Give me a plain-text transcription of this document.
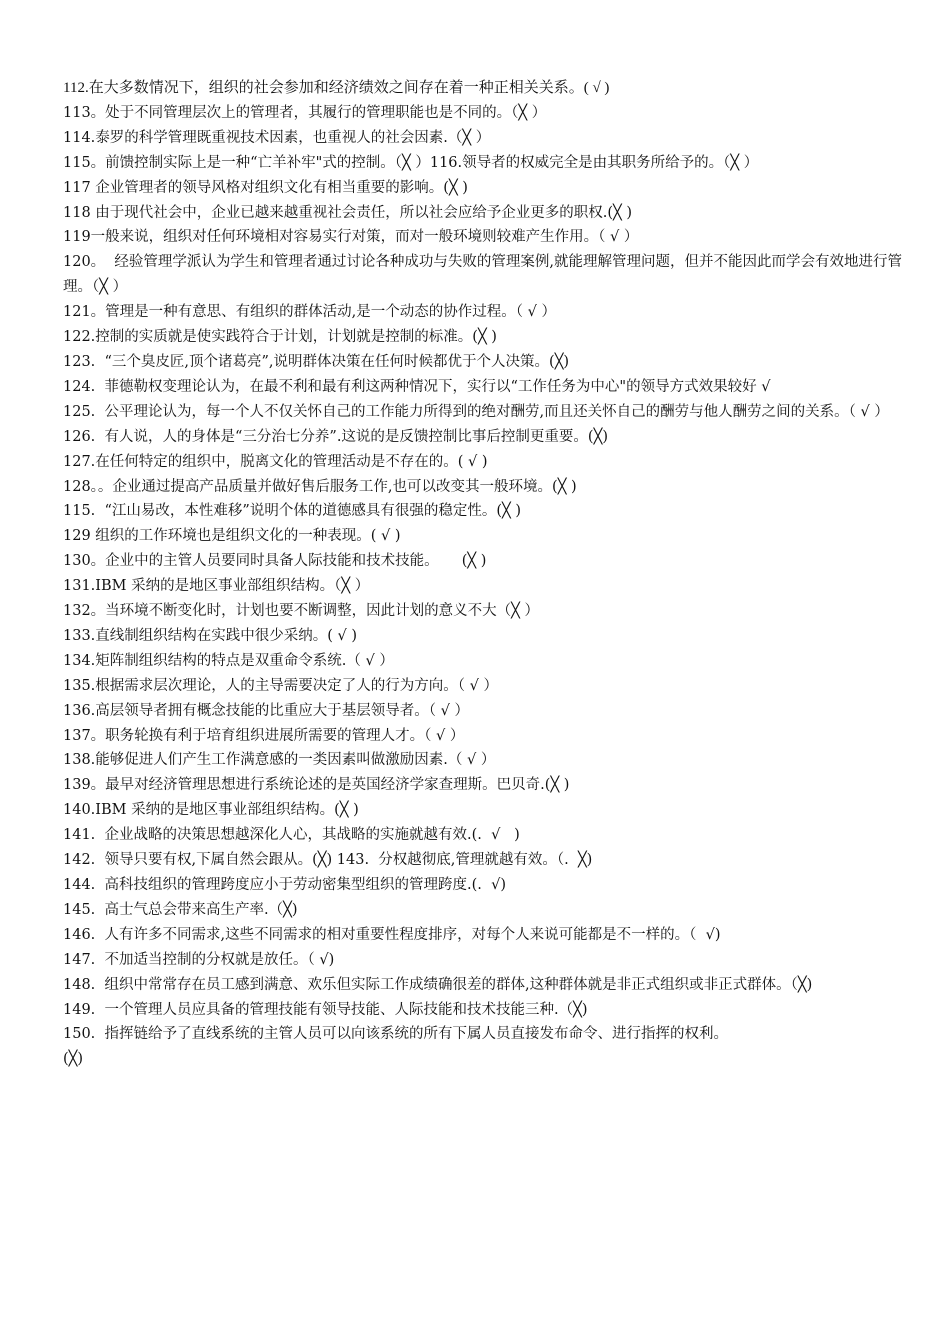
112.在大多数情况下，组织的社会参加和经济绩效之间存在着一种正相关关系。( √ )

113。处于不同管理层次上的管理者，其履行的管理职能也是不同的。（╳ ）

114.泰罗的科学管理既重视技术因素，也重视人的社会因素.（╳ ）

115。前馈控制实际上是一种“亡羊补牢"式的控制。（╳ ）116.领导者的权威完全是由其职务所给予的。（╳ ）

117 企业管理者的领导风格对组织文化有相当重要的影响。(╳ )

118 由于现代社会中，企业已越来越重视社会责任，所以社会应给予企业更多的职权.(╳ )

119一般来说，组织对任何环境相对容易实行对策，而对一般环境则较难产生作用。（ √ ）

120。  经验管理学派认为学生和管理者通过讨论各种成功与失败的管理案例,就能理解管理问题，但并不能因此而学会有效地进行管理。（╳ ）

121。管理是一种有意思、有组织的群体活动,是一个动态的协作过程。（ √ ）

122.控制的实质就是使实践符合于计划，计划就是控制的标准。(╳ )

123.  “三个臭皮匠,顶个诸葛亮”,说明群体决策在任何时候都优于个人决策。(╳)

124.  菲德勒权变理论认为，在最不利和最有利这两种情况下，实行以“工作任务为中心"的领导方式效果较好 √

125.  公平理论认为，每一个人不仅关怀自己的工作能力所得到的绝对酬劳,而且还关怀自己的酬劳与他人酬劳之间的关系。（ √ ）

126.  有人说，人的身体是“三分治七分养”.这说的是反馈控制比事后控制更重要。(╳)

127.在任何特定的组织中，脱离文化的管理活动是不存在的。( √ )

128。。企业通过提高产品质量并做好售后服务工作,也可以改变其一般环境。(╳ )

115.  “江山易改，本性难移”说明个体的道德感具有很强的稳定性。(╳ )

129 组织的工作环境也是组织文化的一种表现。( √ )

130。企业中的主管人员要同时具备人际技能和技术技能。     (╳ )

131.IBM 采纳的是地区事业部组织结构。（╳ ）

132。当环境不断变化时，计划也要不断调整，因此计划的意义不大（╳ ）

133.直线制组织结构在实践中很少采纳。( √ )

134.矩阵制组织结构的特点是双重命令系统.（ √ ）

135.根据需求层次理论，人的主导需要决定了人的行为方向。（ √ ）

136.高层领导者拥有概念技能的比重应大于基层领导者。（ √ ）

137。职务轮换有利于培育组织进展所需要的管理人才。（ √ ）

138.能够促进人们产生工作满意感的一类因素叫做激励因素.（ √ ）

139。最早对经济管理思想进行系统论述的是英国经济学家查理斯。巴贝奇.(╳ )

140.IBM 采纳的是地区事业部组织结构。(╳ )

141.  企业战略的决策思想越深化人心，其战略的实施就越有效.(.  √   )

142.  领导只要有权,下属自然会跟从。(╳) 143.  分权越彻底,管理就越有效。（.  ╳)

144.  高科技组织的管理跨度应小于劳动密集型组织的管理跨度.(.  √)

145.  高士气总会带来高生产率.（╳)

146.  人有许多不同需求,这些不同需求的相对重要性程度排序，对每个人来说可能都是不一样的。（  √)

147.  不加适当控制的分权就是放任。（ √)

148.  组织中常常存在员工感到满意、欢乐但实际工作成绩确很差的群体,这种群体就是非正式组织或非正式群体。（╳)

149.  一个管理人员应具备的管理技能有领导技能、人际技能和技术技能三种.（╳)

150.  指挥链给予了直线系统的主管人员可以向该系统的所有下属人员直接发布命令、进行指挥的权利。

(╳)
